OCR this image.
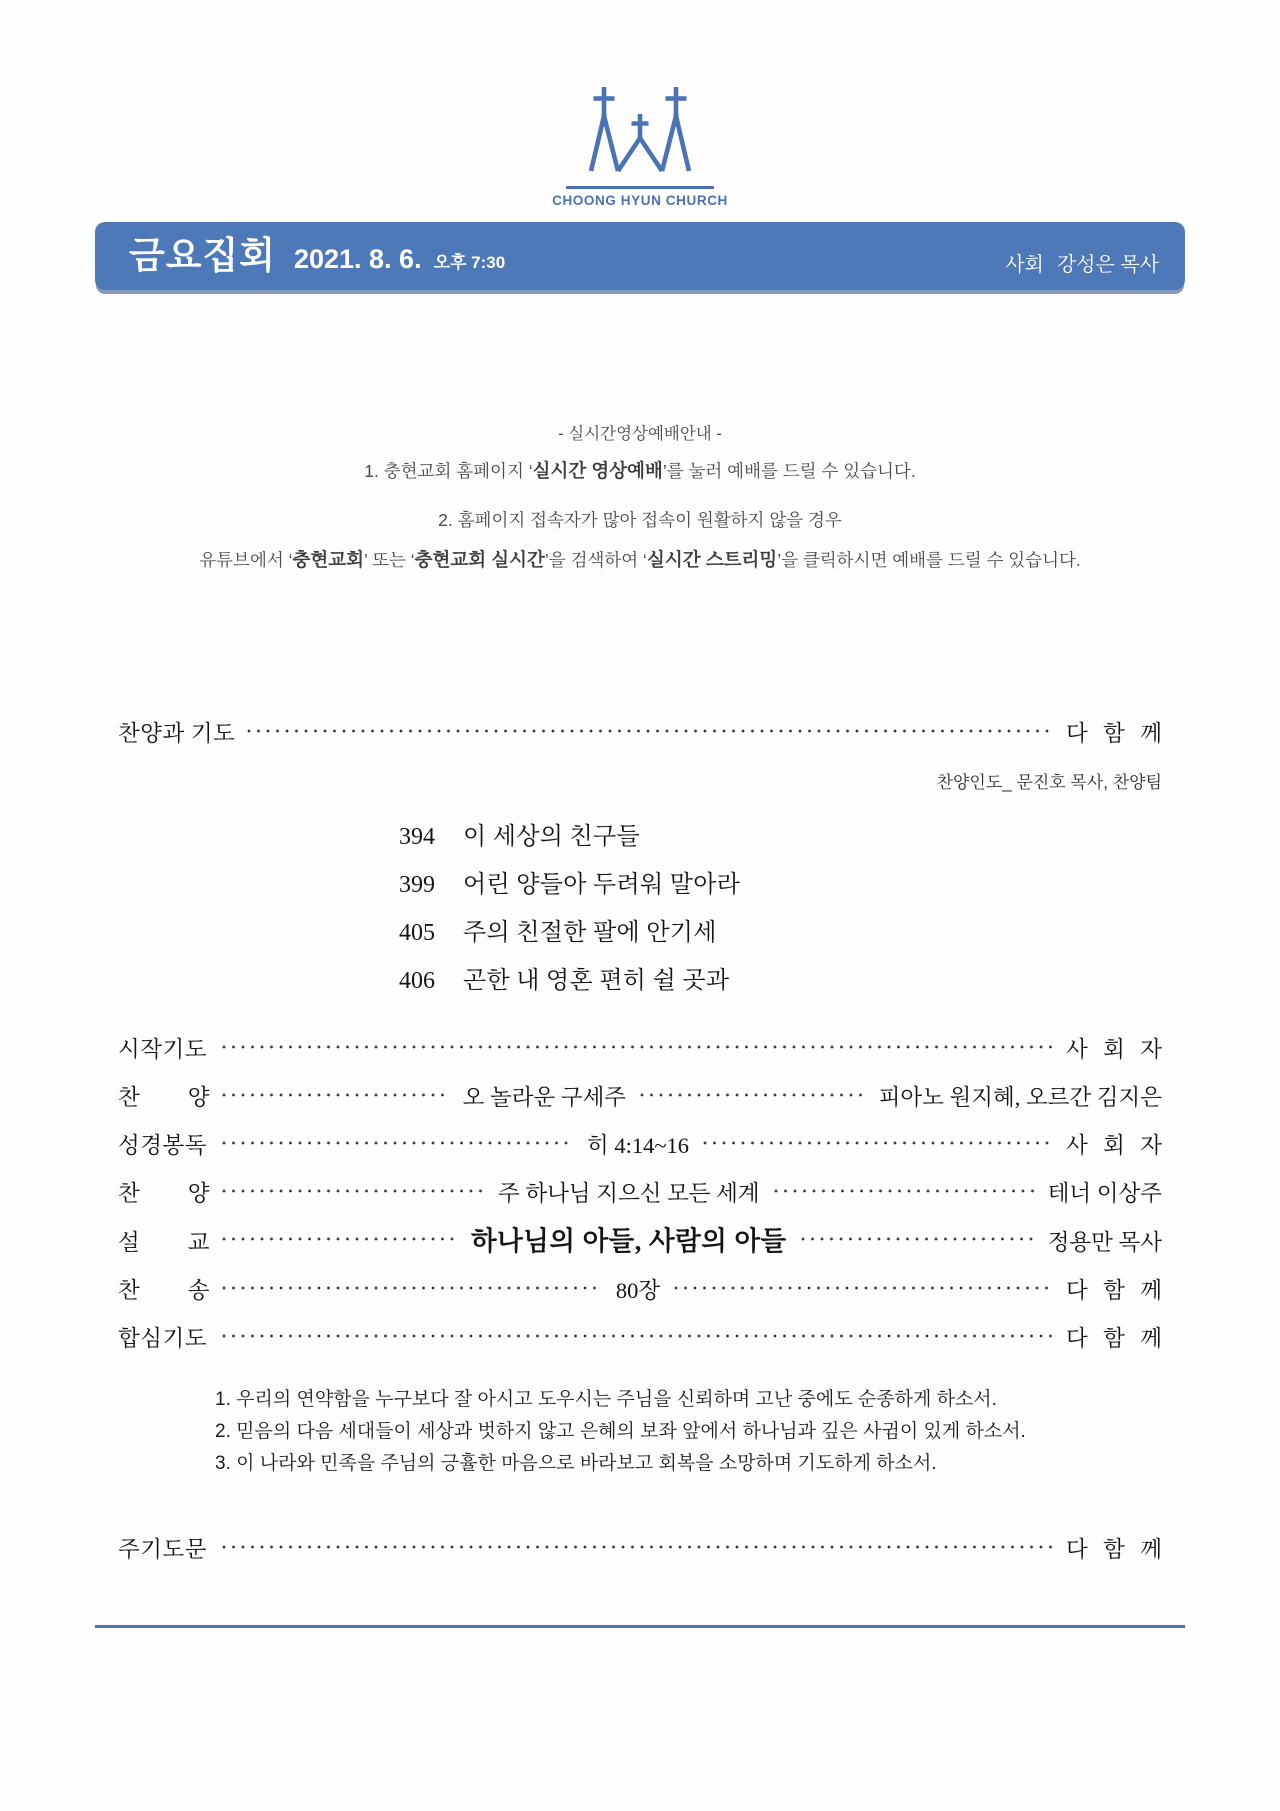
CHOONG HYUN CHURCH
금요집회 2021. 8. 6. 오후 7:30	사회 강성은 목사
- 실시간영상예배안내 -
1. 충현교회 홈페이지 ‘실시간 영상예배’를 눌러 예배를 드릴 수 있습니다.
2. 홈페이지 접속자가 많아 접속이 원활하지 않을 경우
유튜브에서 ‘충현교회’ 또는 ‘충현교회 실시간’을 검색하여 ‘실시간 스트리밍’을 클릭하시면 예배를 드릴 수 있습니다.
찬양과 기도	다 함 께
찬양인도_ 문진호 목사, 찬양팀
394	이 세상의 친구들
399	어린 양들아 두려워 말아라
405	주의 친절한 팔에 안기세
406	곤한 내 영혼 편히 쉴 곳과
시작기도	사 회 자
찬 양	오 놀라운 구세주	피아노 원지혜, 오르간 김지은
성경봉독	히 4:14~16	사 회 자
찬 양	주 하나님 지으신 모든 세계	테너 이상주
설 교	하나님의 아들, 사람의 아들	정용만 목사
찬 송	80장	다 함 께
합심기도	다 함 께
1. 우리의 연약함을 누구보다 잘 아시고 도우시는 주님을 신뢰하며 고난 중에도 순종하게 하소서.
2. 믿음의 다음 세대들이 세상과 벗하지 않고 은혜의 보좌 앞에서 하나님과 깊은 사귐이 있게 하소서.
3. 이 나라와 민족을 주님의 긍휼한 마음으로 바라보고 회복을 소망하며 기도하게 하소서.
주기도문	다 함 께
